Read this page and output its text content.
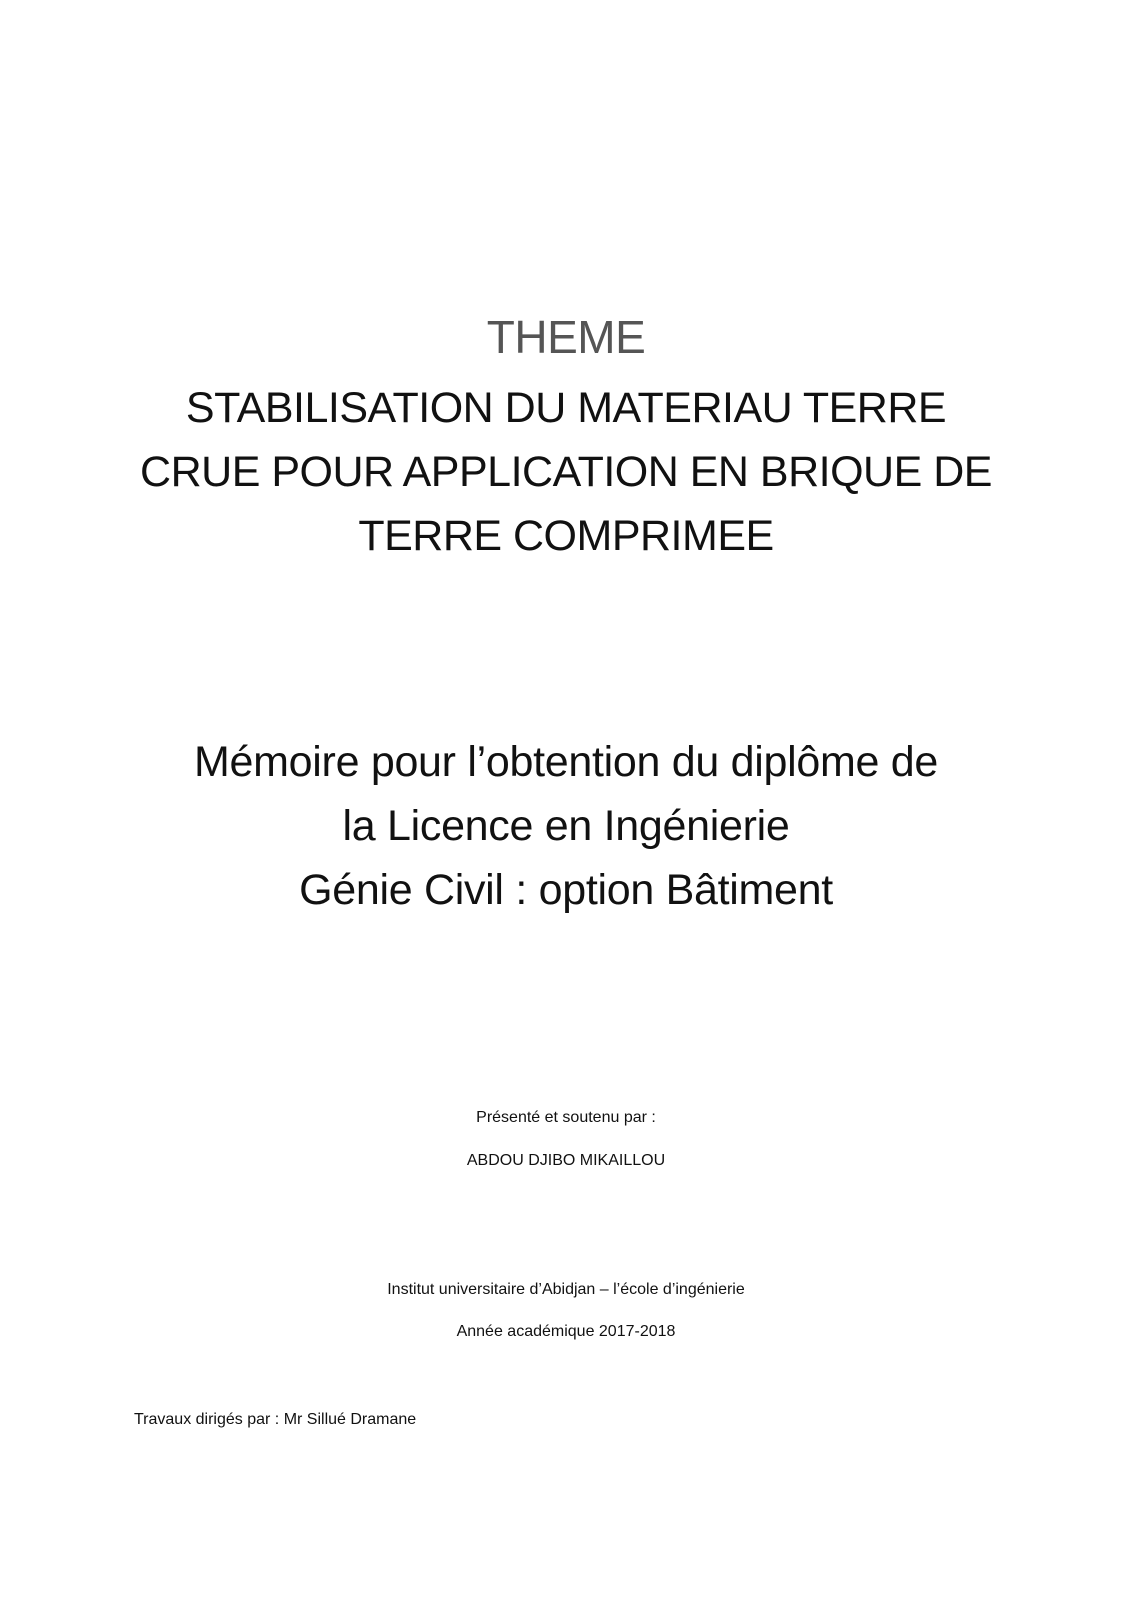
THEME
STABILISATION DU MATERIAU TERRE
CRUE POUR APPLICATION EN BRIQUE DE
TERRE COMPRIMEE
Mémoire pour l’obtention du diplôme de
la Licence en Ingénierie
Génie Civil : option Bâtiment
Présenté et soutenu par :
ABDOU DJIBO MIKAILLOU
Institut universitaire d’Abidjan – l’école d’ingénierie
Année académique 2017-2018
Travaux dirigés par : Mr Sillué Dramane
